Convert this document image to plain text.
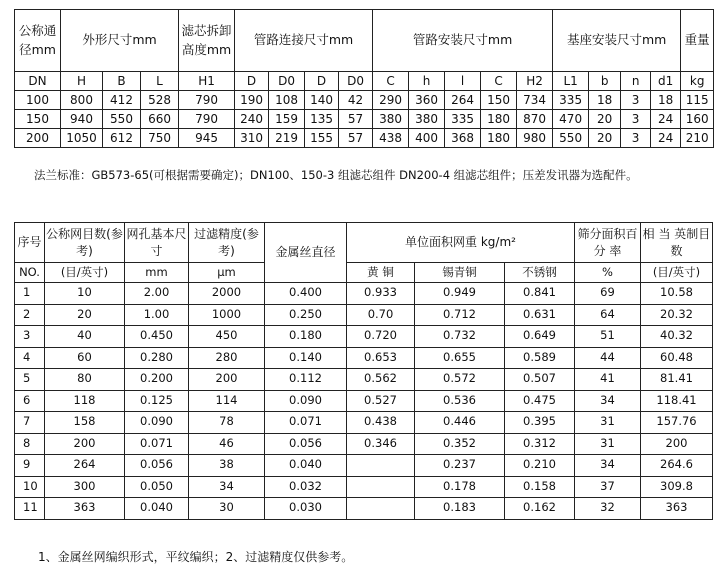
公称通径mm	外形尺寸mm			滤芯拆卸高度mm	管路连接尺寸mm				管路安装尺寸mm					基座安装尺寸mm				重量
DN	H	B	L	H1	D	D0	D	D0	C	h	l	C	H2	L1	b	n	d1	kg
100	800	412	528	790	190	108	140	42	290	360	264	150	734	335	18	3	18	115
150	940	550	660	790	240	159	135	57	380	380	335	180	870	470	20	3	24	160
200	1050	612	750	945	310	219	155	57	438	400	368	180	980	550	20	3	24	210
法兰标准：GB573-65(可根据需要确定)；DN100、150-3 组滤芯组件 DN200-4 组滤芯组件；压差发讯器为选配件。
序号	公称网目数(参考)	网孔基本尺寸	过滤精度(参考)	金属丝直径	单位面积网重 kg/m²			筛分面积百 分 率	相 当 英制目数
NO.	(目/英寸)	mm	μm		黄 铜	锡青铜	不锈钢	%	(目/英寸)
1	10	2.00	2000	0.400	0.933	0.949	0.841	69	10.58
2	20	1.00	1000	0.250	0.70	0.712	0.631	64	20.32
3	40	0.450	450	0.180	0.720	0.732	0.649	51	40.32
4	60	0.280	280	0.140	0.653	0.655	0.589	44	60.48
5	80	0.200	200	0.112	0.562	0.572	0.507	41	81.41
6	118	0.125	114	0.090	0.527	0.536	0.475	34	118.41
7	158	0.090	78	0.071	0.438	0.446	0.395	31	157.76
8	200	0.071	46	0.056	0.346	0.352	0.312	31	200
9	264	0.056	38	0.040		0.237	0.210	34	264.6
10	300	0.050	34	0.032		0.178	0.158	37	309.8
11	363	0.040	30	0.030		0.183	0.162	32	363
1、金属丝网编织形式，平纹编织；2、过滤精度仅供参考。
